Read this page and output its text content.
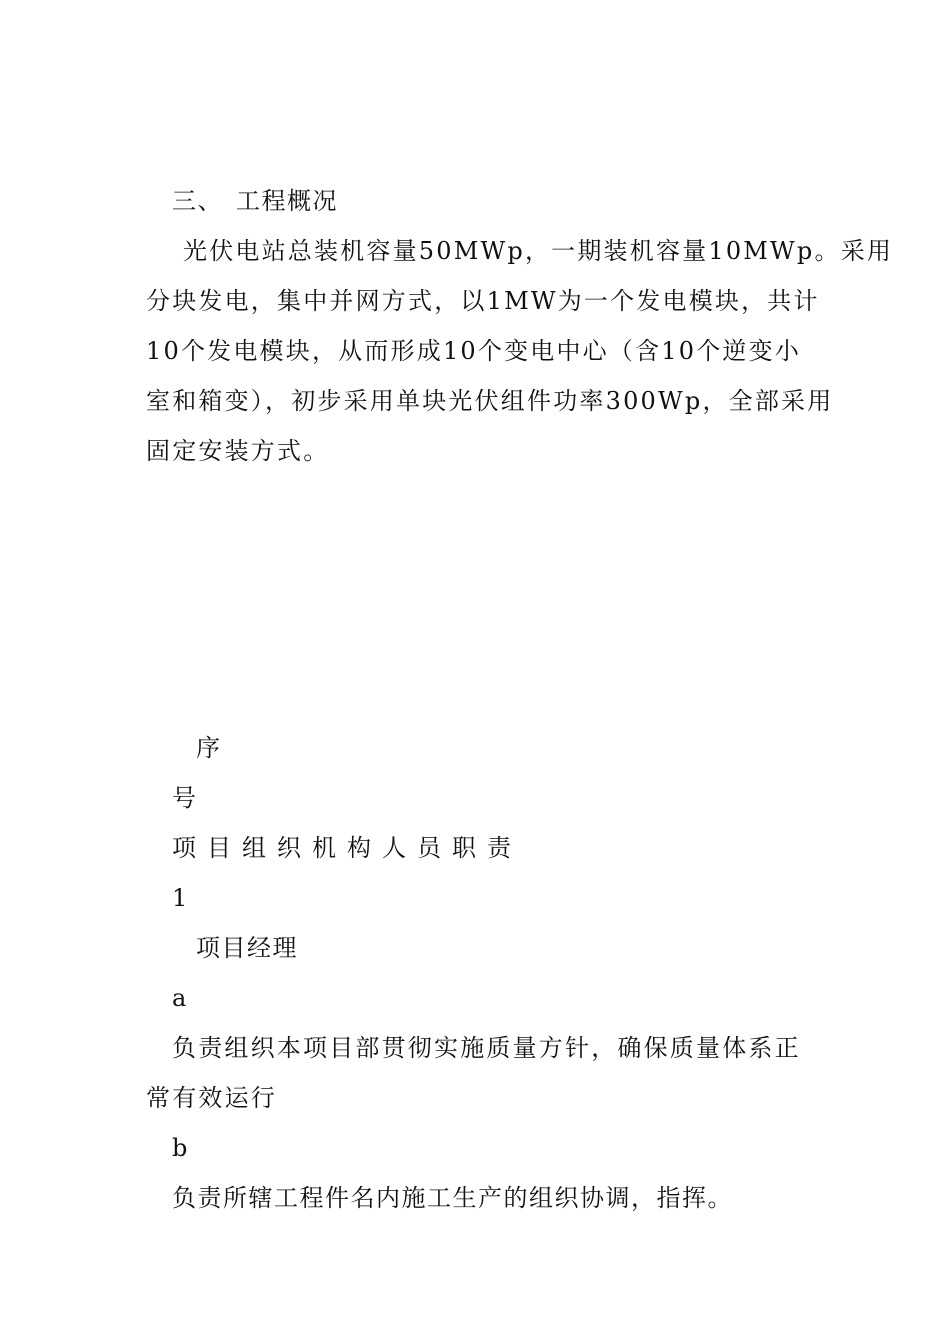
三、 工程概况
光伏电站总装机容量50MWp，一期装机容量10MWp。采用
分块发电，集中并网方式，以1MW为一个发电模块，共计
10个发电模块，从而形成10个变电中心（含10个逆变小
室和箱变），初步采用单块光伏组件功率300Wp，全部采用
固定安装方式。
序
号
项目组织机构人员职责
1
项目经理
a
负责组织本项目部贯彻实施质量方针，确保质量体系正
常有效运行
b
负责所辖工程件名内施工生产的组织协调，指挥。
